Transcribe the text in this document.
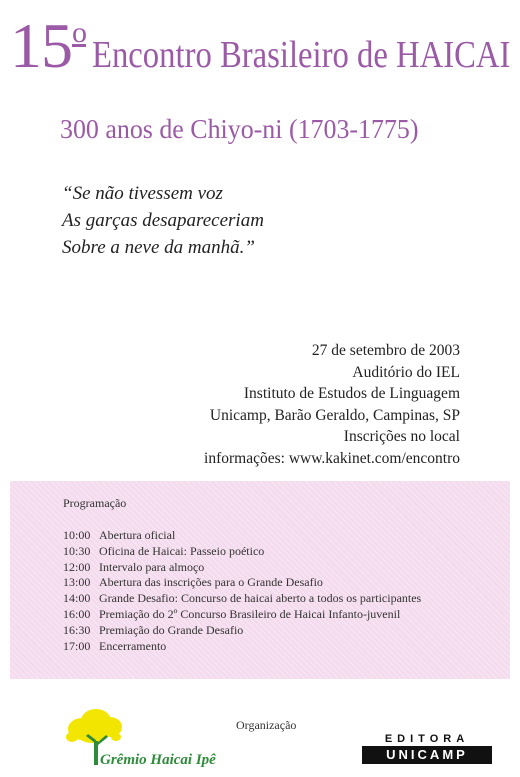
15$^o$
Encontro Brasileiro de HAICAI
300 anos de Chiyo-ni (1703-1775)
“Se não tivessem voz
As garças desapareceriam
Sobre a neve da manhã.”
27 de setembro de 2003
Auditório do IEL
Instituto de Estudos de Linguagem
Unicamp, Barão Geraldo, Campinas, SP
Inscrições no local
informações: www.kakinet.com/encontro
Programação
10:00 Abertura oficial
10:30 Oficina de Haicai: Passeio poético
12:00 Intervalo para almoço
13:00 Abertura das inscrições para o Grande Desafio
14:00 Grande Desafio: Concurso de haicai aberto a todos os participantes
16:00 Premiação do 2º Concurso Brasileiro de Haicai Infanto-juvenil
16:30 Premiação do Grande Desafio
17:00 Encerramento
Organização
Grêmio Haicai Ipê
EDITORA
UNICAMP
